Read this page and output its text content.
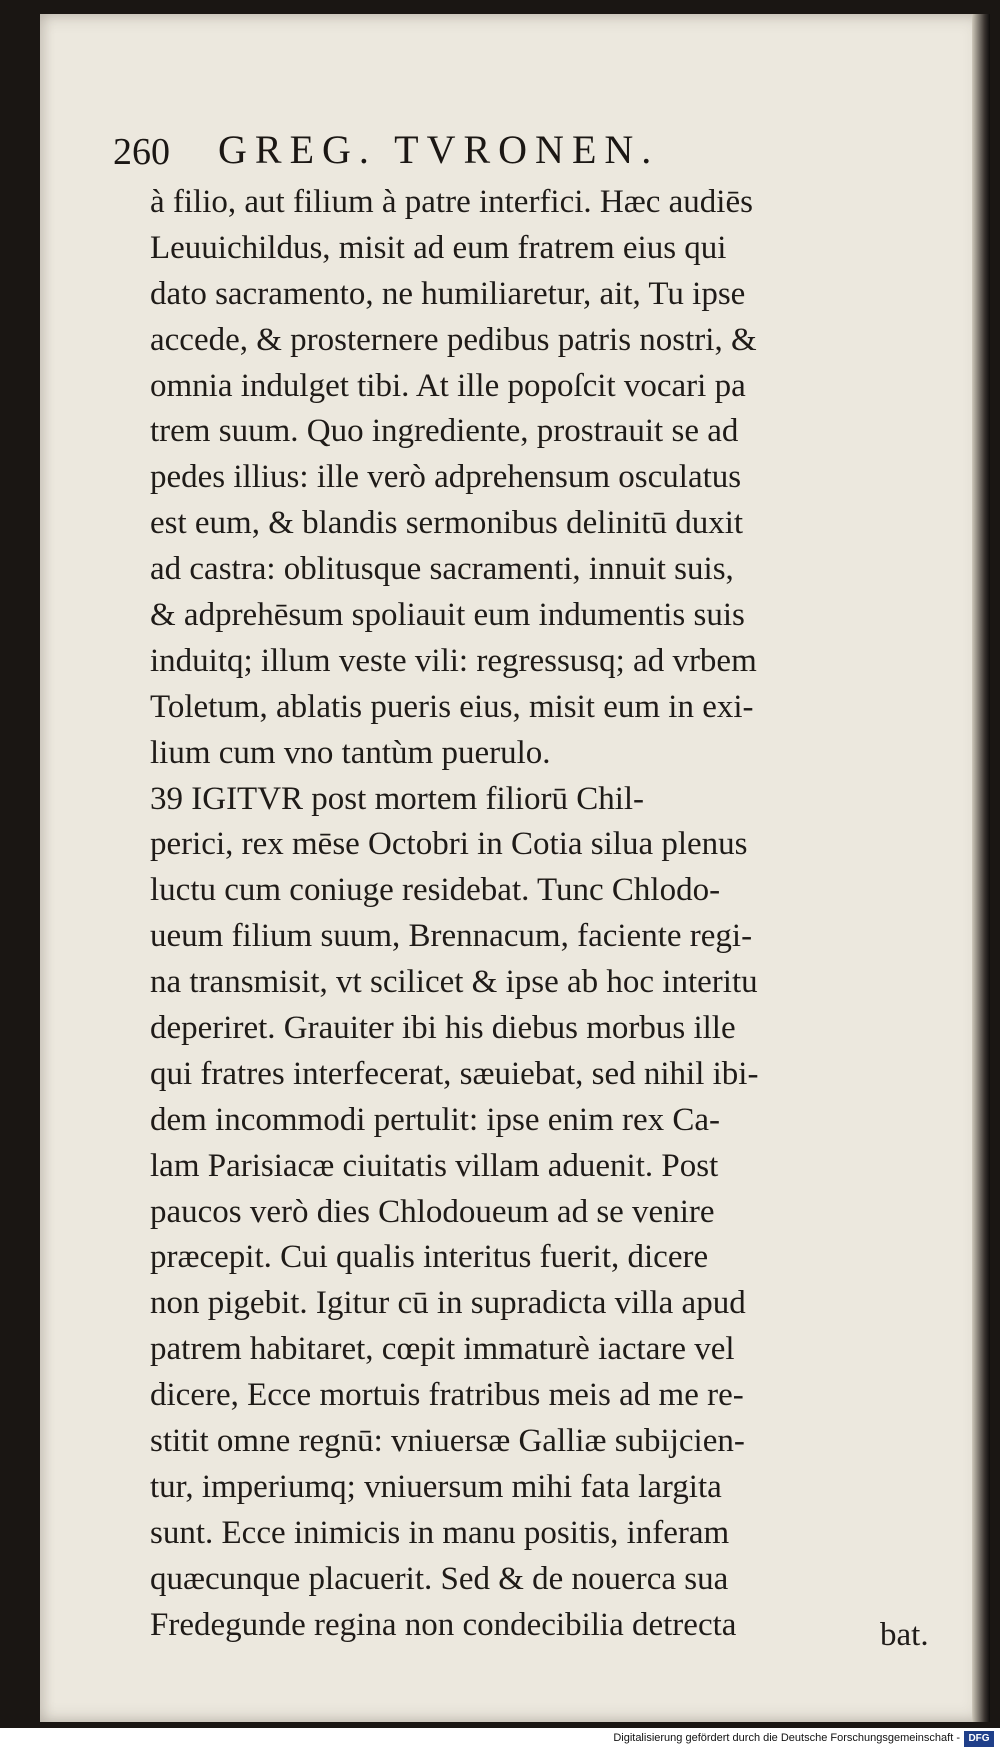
260 GREG. TVRONEN.
à filio, aut filium à patre interfici. Hæc audiēs
Leuuichildus, misit ad eum fratrem eius qui
dato sacramento, ne humiliaretur, ait, Tu ipse
accede, & prosternere pedibus patris nostri, &
omnia indulget tibi. At ille popoſcit vocari pa
trem suum. Quo ingrediente, prostrauit se ad
pedes illius: ille verò adprehensum osculatus
est eum, & blandis sermonibus delinitū duxit
ad castra: oblitusque sacramenti, innuit suis,
& adprehēsum spoliauit eum indumentis suis
induitq; illum veste vili: regressusq; ad vrbem
Toletum, ablatis pueris eius, misit eum in exi-
lium cum vno tantùm puerulo.
39 IGITVR post mortem filiorū Chil-
perici, rex mēse Octobri in Cotia silua plenus
luctu cum coniuge residebat. Tunc Chlodo-
ueum filium suum, Brennacum, faciente regi-
na transmisit, vt scilicet & ipse ab hoc interitu
deperiret. Grauiter ibi his diebus morbus ille
qui fratres interfecerat, sæuiebat, sed nihil ibi-
dem incommodi pertulit: ipse enim rex Ca-
lam Parisiacæ ciuitatis villam aduenit. Post
paucos verò dies Chlodoueum ad se venire
præcepit. Cui qualis interitus fuerit, dicere
non pigebit. Igitur cū in supradicta villa apud
patrem habitaret, cœpit immaturè iactare vel
dicere, Ecce mortuis fratribus meis ad me re-
stitit omne regnū: vniuersæ Galliæ subijcien-
tur, imperiumq; vniuersum mihi fata largita
sunt. Ecce inimicis in manu positis, inferam
quæcunque placuerit. Sed & de nouerca sua
Fredegunde regina non condecibilia detrecta	bat.
Digitalisierung gefördert durch die Deutsche Forschungsgemeinschaft - DFG
